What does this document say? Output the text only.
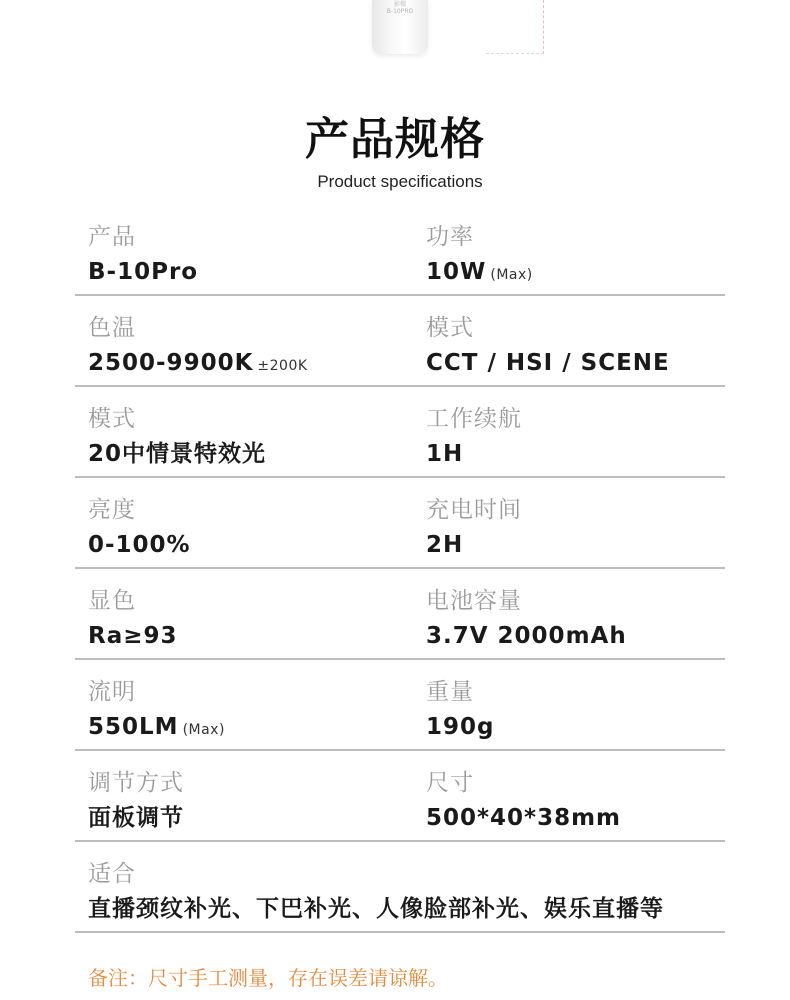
影棚
B-10PRO
产品规格
Product specifications
产品
B-10Pro
功率
10W (Max)
色温
2500-9900K ±200K
模式
CCT / HSI / SCENE
模式
20中情景特效光
工作续航
1H
亮度
0-100%
充电时间
2H
显色
Ra≥93
电池容量
3.7V 2000mAh
流明
550LM (Max)
重量
190g
调节方式
面板调节
尺寸
500*40*38mm
适合
直播颈纹补光、下巴补光、人像脸部补光、娱乐直播等
备注：尺寸手工测量，存在误差请谅解。
